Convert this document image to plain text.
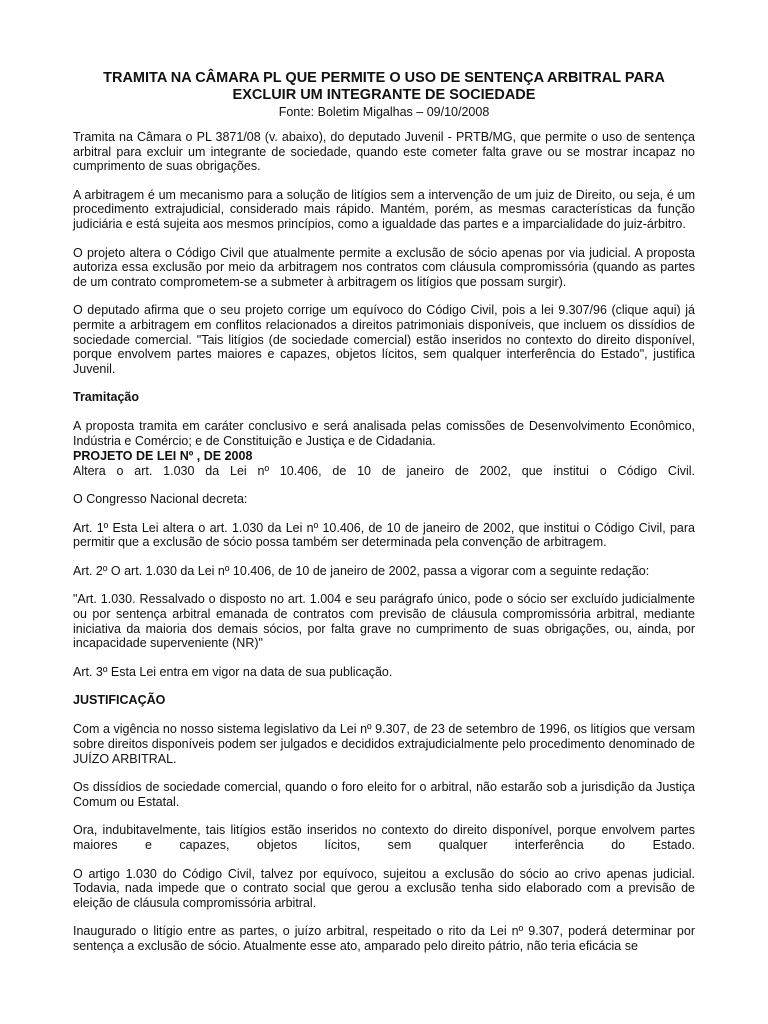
TRAMITA NA CÂMARA PL QUE PERMITE O USO DE SENTENÇA ARBITRAL PARA

EXCLUIR UM INTEGRANTE DE SOCIEDADE

Fonte: Boletim Migalhas – 09/10/2008

Tramita na Câmara o PL 3871/08 (v. abaixo), do deputado Juvenil - PRTB/MG, que permite o uso de sentença arbitral para excluir um integrante de sociedade, quando este cometer falta grave ou se mostrar incapaz no cumprimento de suas obrigações.

A arbitragem é um mecanismo para a solução de litígios sem a intervenção de um juiz de Direito, ou seja, é um procedimento extrajudicial, considerado mais rápido. Mantém, porém, as mesmas características da função judiciária e está sujeita aos mesmos princípios, como a igualdade das partes e a imparcialidade do juiz-árbitro.

O projeto altera o Código Civil que atualmente permite a exclusão de sócio apenas por via judicial. A proposta autoriza essa exclusão por meio da arbitragem nos contratos com cláusula compromissória (quando as partes de um contrato comprometem-se a submeter à arbitragem os litígios que possam surgir).

O deputado afirma que o seu projeto corrige um equívoco do Código Civil, pois a lei 9.307/96 (clique aqui) já permite a arbitragem em conflitos relacionados a direitos patrimoniais disponíveis, que incluem os dissídios de sociedade comercial. "Tais litígios (de sociedade comercial) estão inseridos no contexto do direito disponível, porque envolvem partes maiores e capazes, objetos lícitos, sem qualquer interferência do Estado", justifica Juvenil.

Tramitação

A proposta tramita em caráter conclusivo e será analisada pelas comissões de Desenvolvimento Econômico, Indústria e Comércio; e de Constituição e Justiça e de Cidadania.

PROJETO DE LEI Nº , DE 2008

Altera o art. 1.030 da Lei nº 10.406, de 10 de janeiro de 2002, que institui o Código Civil.

O Congresso Nacional decreta:

Art. 1º Esta Lei altera o art. 1.030 da Lei nº 10.406, de 10 de janeiro de 2002, que institui o Código Civil, para permitir que a exclusão de sócio possa também ser determinada pela convenção de arbitragem.

Art. 2º O art. 1.030 da Lei nº 10.406, de 10 de janeiro de 2002, passa a vigorar com a seguinte redação:

"Art. 1.030. Ressalvado o disposto no art. 1.004 e seu parágrafo único, pode o sócio ser excluído judicialmente ou por sentença arbitral emanada de contratos com previsão de cláusula compromissória arbitral, mediante iniciativa da maioria dos demais sócios, por falta grave no cumprimento de suas obrigações, ou, ainda, por incapacidade superveniente (NR)"

Art. 3º Esta Lei entra em vigor na data de sua publicação.

JUSTIFICAÇÃO

Com a vigência no nosso sistema legislativo da Lei nº 9.307, de 23 de setembro de 1996, os litígios que versam sobre direitos disponíveis podem ser julgados e decididos extrajudicialmente pelo procedimento denominado de JUÍZO ARBITRAL.

Os dissídios de sociedade comercial, quando o foro eleito for o arbitral, não estarão sob a jurisdição da Justiça Comum ou Estatal.

Ora, indubitavelmente, tais litígios estão inseridos no contexto do direito disponível, porque envolvem partes maiores e capazes, objetos lícitos, sem qualquer interferência do Estado.

O artigo 1.030 do Código Civil, talvez por equívoco, sujeitou a exclusão do sócio ao crivo apenas judicial. Todavia, nada impede que o contrato social que gerou a exclusão tenha sido elaborado com a previsão de eleição de cláusula compromissória arbitral.

Inaugurado o litígio entre as partes, o juízo arbitral, respeitado o rito da Lei nº 9.307, poderá determinar por sentença a exclusão de sócio. Atualmente esse ato, amparado pelo direito pátrio, não teria eficácia se
